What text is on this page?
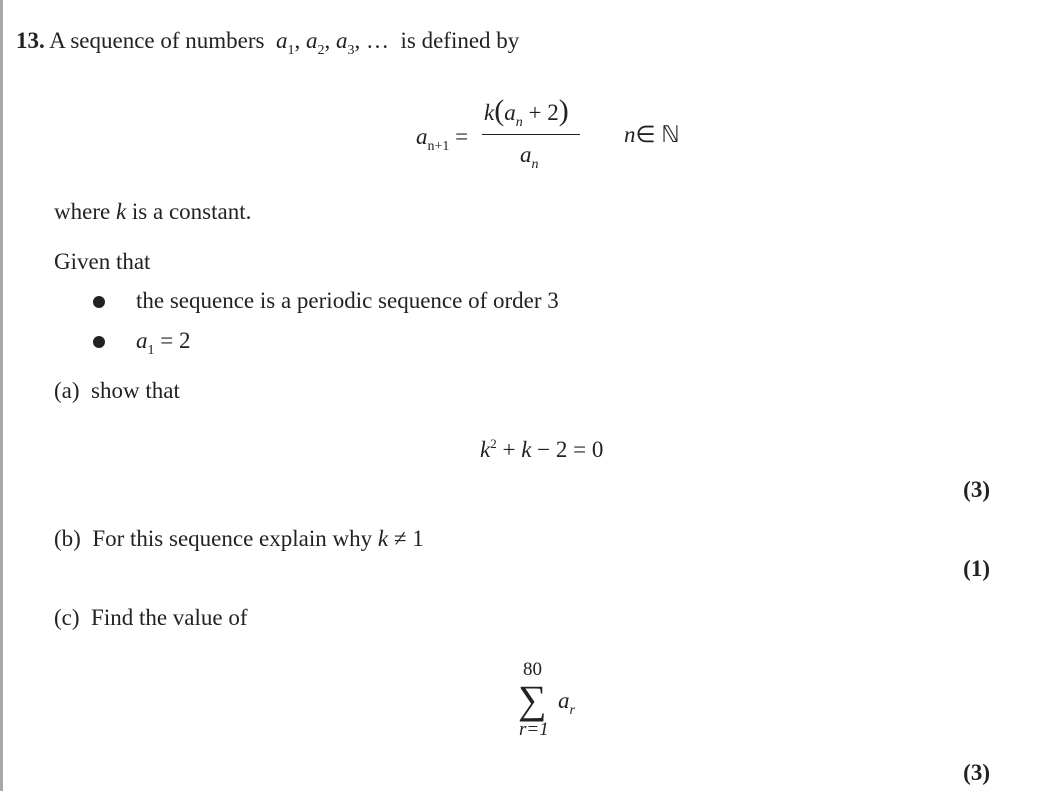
13. A sequence of numbers $a_1$, $a_2$, $a_3$, … is defined by
$a_{n+1}$ =
$k(a_n + 2)$
$a_n$
n∈ ℕ
where k is a constant.
Given that
the sequence is a periodic sequence of order 3
$a_1 = 2$
(a) show that
$k^2 + k - 2 = 0$
(3)
(b) For this sequence explain why k ≠ 1
(1)
(c) Find the value of
80
∑ $a_r$
r=1
(3)
